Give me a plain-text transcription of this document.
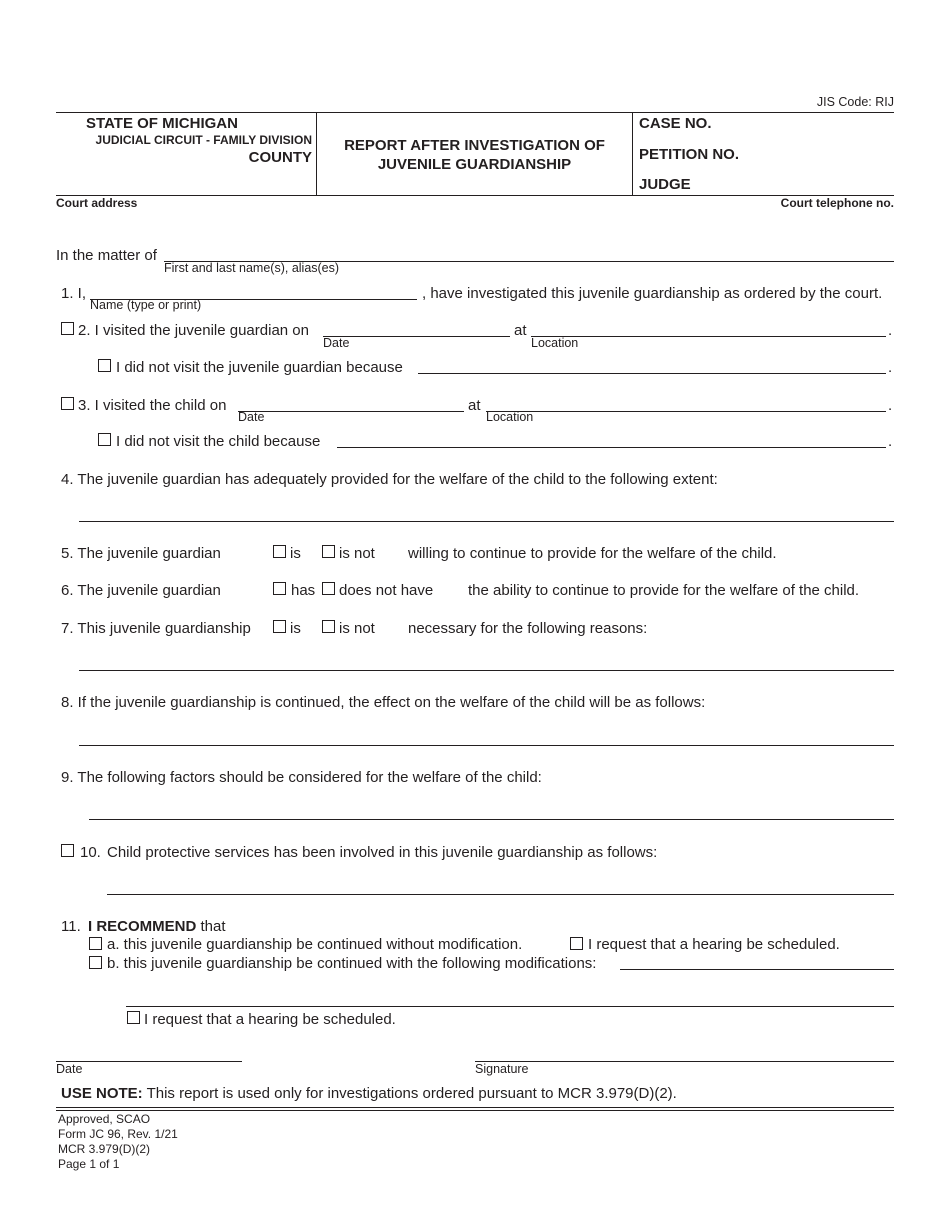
JIS Code: RIJ
STATE OF MICHIGAN
JUDICIAL CIRCUIT - FAMILY DIVISION
COUNTY
REPORT AFTER INVESTIGATION OF
JUVENILE GUARDIANSHIP
CASE NO.
PETITION NO.
JUDGE
Court address	Court telephone no.
In the matter of
First and last name(s), alias(es)
1. I,
Name (type or print)
, have investigated this juvenile guardianship as ordered by the court.
2. I visited the juvenile guardian on
Date
at
Location
.
I did not visit the juvenile guardian because	.
3. I visited the child on
Date
at
Location
.
I did not visit the child because	.
4. The juvenile guardian has adequately provided for the welfare of the child to the following extent:
5. The juvenile guardian	is	is not willing to continue to provide for the welfare of the child.
6. The juvenile guardian	has does not have the ability to continue to provide for the welfare of the child.
7. This juvenile guardianship	is	is not necessary for the following reasons:
8. If the juvenile guardianship is continued, the effect on the welfare of the child will be as follows:
9. The following factors should be considered for the welfare of the child:
10. Child protective services has been involved in this juvenile guardianship as follows:
11. I RECOMMEND that
a. this juvenile guardianship be continued without modification.	I request that a hearing be scheduled.
b. this juvenile guardianship be continued with the following modifications:
I request that a hearing be scheduled.
Date	Signature
USE NOTE: This report is used only for investigations ordered pursuant to MCR 3.979(D)(2).
Approved, SCAO
Form JC 96, Rev. 1/21
MCR 3.979(D)(2)
Page 1 of 1
